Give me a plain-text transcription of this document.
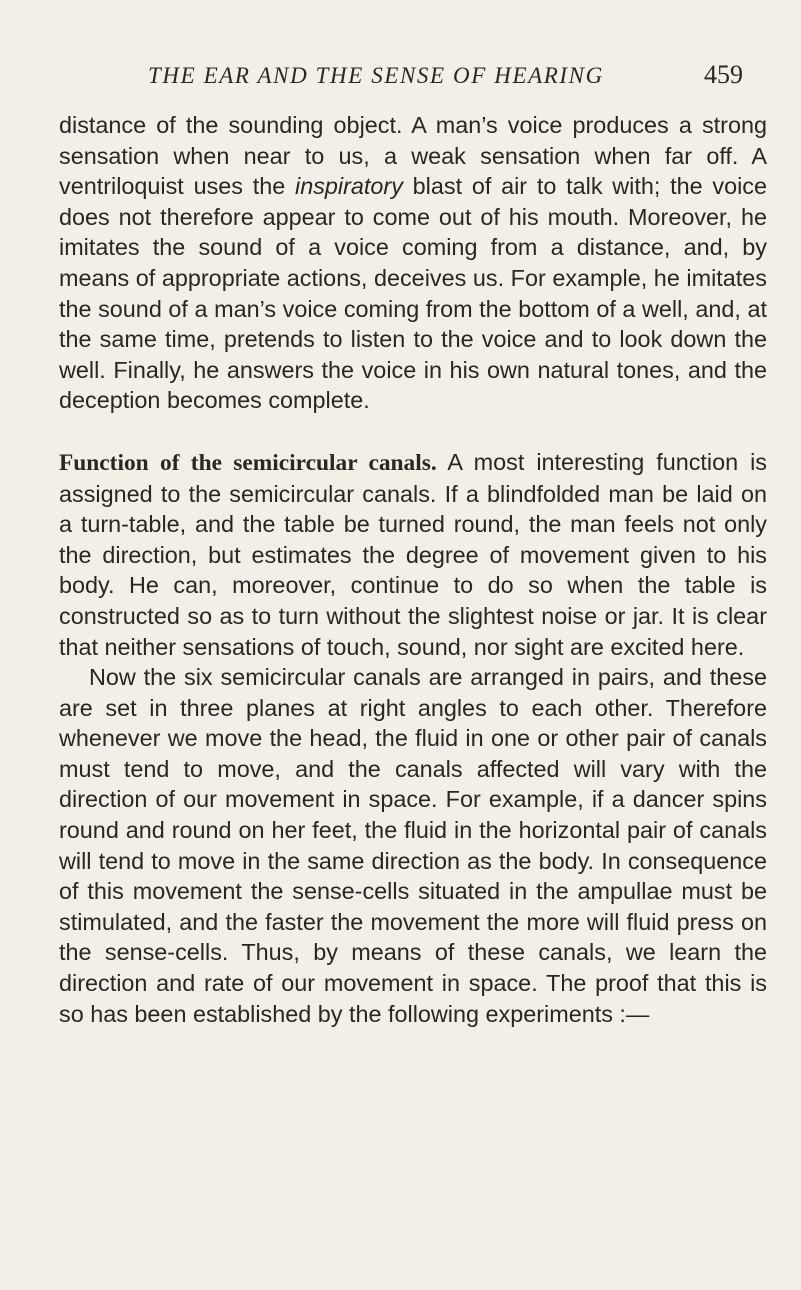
THE EAR AND THE SENSE OF HEARING	459

distance of the sounding object. A man’s voice produces a strong sensation when near to us, a weak sensation when far off. A ventriloquist uses the inspiratory blast of air to talk with; the voice does not therefore appear to come out of his mouth. Moreover, he imitates the sound of a voice coming from a distance, and, by means of appropriate actions, deceives us. For example, he imitates the sound of a man’s voice coming from the bottom of a well, and, at the same time, pretends to listen to the voice and to look down the well. Finally, he answers the voice in his own natural tones, and the deception becomes complete.

Function of the semicircular canals. A most interesting function is assigned to the semicircular canals. If a blindfolded man be laid on a turn-table, and the table be turned round, the man feels not only the direction, but estimates the degree of movement given to his body. He can, moreover, continue to do so when the table is constructed so as to turn without the slightest noise or jar. It is clear that neither sensations of touch, sound, nor sight are excited here.

Now the six semicircular canals are arranged in pairs, and these are set in three planes at right angles to each other. Therefore whenever we move the head, the fluid in one or other pair of canals must tend to move, and the canals affected will vary with the direction of our movement in space. For example, if a dancer spins round and round on her feet, the fluid in the horizontal pair of canals will tend to move in the same direction as the body. In consequence of this movement the sense-cells situated in the ampullae must be stimulated, and the faster the movement the more will fluid press on the sense-cells. Thus, by means of these canals, we learn the direction and rate of our movement in space. The proof that this is so has been established by the following experiments :—
